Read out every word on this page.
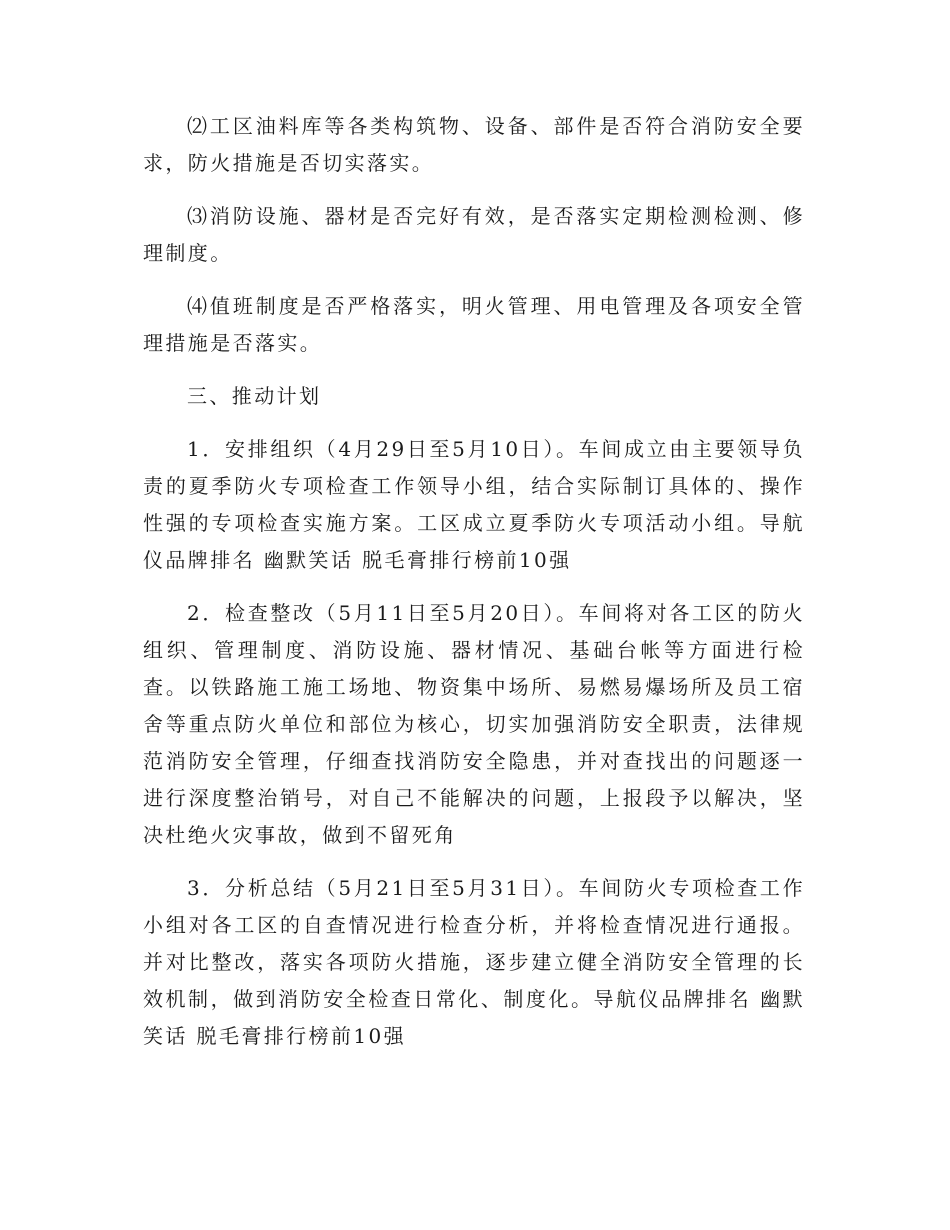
⑵工区油料库等各类构筑物、设备、部件是否符合消防安全要求，防火措施是否切实落实。

⑶消防设施、器材是否完好有效，是否落实定期检测检测、修理制度。

⑷值班制度是否严格落实，明火管理、用电管理及各项安全管理措施是否落实。

三、推动计划

1．安排组织（4月29日至5月10日）。车间成立由主要领导负责的夏季防火专项检查工作领导小组，结合实际制订具体的、操作性强的专项检查实施方案。工区成立夏季防火专项活动小组。导航仪品牌排名 幽默笑话 脱毛膏排行榜前10强

2．检查整改（5月11日至5月20日）。车间将对各工区的防火组织、管理制度、消防设施、器材情况、基础台帐等方面进行检查。以铁路施工施工场地、物资集中场所、易燃易爆场所及员工宿舍等重点防火单位和部位为核心，切实加强消防安全职责，法律规范消防安全管理，仔细查找消防安全隐患，并对查找出的问题逐一进行深度整治销号，对自己不能解决的问题，上报段予以解决，坚决杜绝火灾事故，做到不留死角

3．分析总结（5月21日至5月31日）。车间防火专项检查工作小组对各工区的自查情况进行检查分析，并将检查情况进行通报。并对比整改，落实各项防火措施，逐步建立健全消防安全管理的长效机制，做到消防安全检查日常化、制度化。导航仪品牌排名 幽默笑话 脱毛膏排行榜前10强
